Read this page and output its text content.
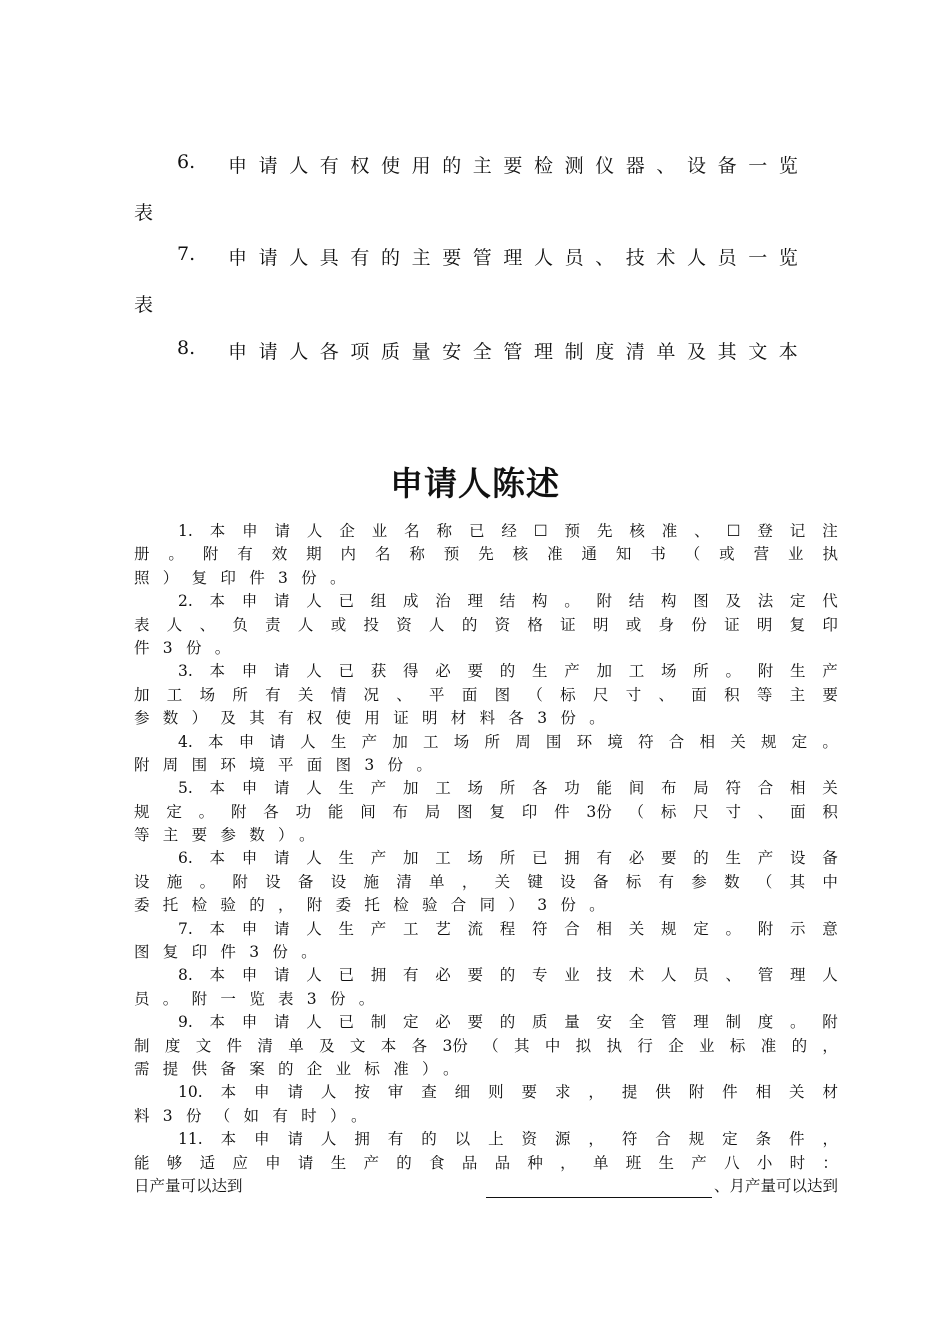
6. 申请人有权使用的主要检测仪器、设备一览
表
7. 申请人具有的主要管理人员、技术人员一览
表
8. 申请人各项质量安全管理制度清单及其文本
申请人陈述
1. 本 申 请 人 企 业 名 称 已 经 ☐ 预 先 核 准 、 ☐ 登 记 注
册 。 附 有 效 期 内 名 称 预 先 核 准 通 知 书 （ 或 营 业 执
照）复印件3份。
2. 本 申 请 人 已 组 成 治 理 结 构 。 附 结 构 图 及 法 定 代
表 人 、 负 责 人 或 投 资 人 的 资 格 证 明 或 身 份 证 明 复 印
件3份。
3. 本 申 请 人 已 获 得 必 要 的 生 产 加 工 场 所 。 附 生 产
加 工 场 所 有 关 情 况 、 平 面 图 （ 标 尺 寸 、 面 积 等 主 要
参数）及其有权使用证明材料各3份。
4. 本 申 请 人 生 产 加 工 场 所 周 围 环 境 符 合 相 关 规 定 。
附周围环境平面图3份。
5. 本 申 请 人 生 产 加 工 场 所 各 功 能 间 布 局 符 合 相 关
规 定 。 附 各 功 能 间 布 局 图 复 印 件 3份 （ 标 尺 寸 、 面 积
等主要参数）。
6. 本 申 请 人 生 产 加 工 场 所 已 拥 有 必 要 的 生 产 设 备
设 施 。 附 设 备 设 施 清 单 ， 关 键 设 备 标 有 参 数 （ 其 中
委托检验的，附委托检验合同）3份。
7. 本 申 请 人 生 产 工 艺 流 程 符 合 相 关 规 定 。 附 示 意
图复印件3份。
8. 本 申 请 人 已 拥 有 必 要 的 专 业 技 术 人 员 、 管 理 人
员。附一览表3份。
9. 本 申 请 人 已 制 定 必 要 的 质 量 安 全 管 理 制 度 。 附
制 度 文 件 清 单 及 文 本 各 3份 （ 其 中 拟 执 行 企 业 标 准 的 ，
需提供备案的企业标准）。
10. 本 申 请 人 按 审 查 细 则 要 求 ， 提 供 附 件 相 关 材
料3份（如有时）。
11. 本 申 请 人 拥 有 的 以 上 资 源 ， 符 合 规 定 条 件 ，
能 够 适 应 申 请 生 产 的 食 品 品 种 ， 单 班 生 产 八 小 时 ：
日产量可以达到	、月产量可以达到
